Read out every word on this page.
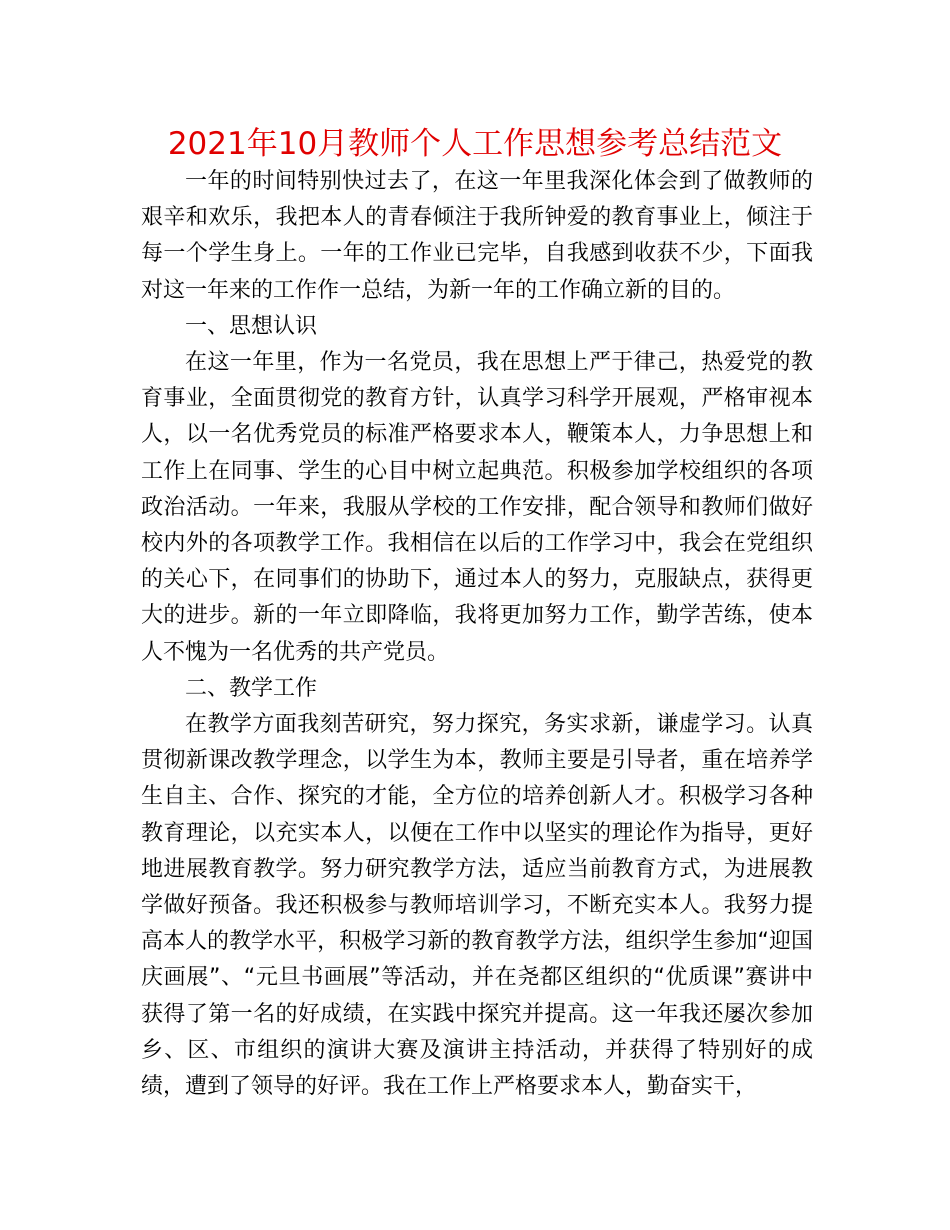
2021年10月教师个人工作思想参考总结范文

一年的时间特别快过去了，在这一年里我深化体会到了做教师的艰辛和欢乐，我把本人的青春倾注于我所钟爱的教育事业上，倾注于每一个学生身上。一年的工作业已完毕，自我感到收获不少，下面我对这一年来的工作作一总结，为新一年的工作确立新的目的。

一、思想认识

在这一年里，作为一名党员，我在思想上严于律己，热爱党的教育事业，全面贯彻党的教育方针，认真学习科学开展观，严格审视本人，以一名优秀党员的标准严格要求本人，鞭策本人，力争思想上和工作上在同事、学生的心目中树立起典范。积极参加学校组织的各项政治活动。一年来，我服从学校的工作安排，配合领导和教师们做好校内外的各项教学工作。我相信在以后的工作学习中，我会在党组织的关心下，在同事们的协助下，通过本人的努力，克服缺点，获得更大的进步。新的一年立即降临，我将更加努力工作，勤学苦练，使本人不愧为一名优秀的共产党员。

二、教学工作

在教学方面我刻苦研究，努力探究，务实求新，谦虚学习。认真贯彻新课改教学理念，以学生为本，教师主要是引导者，重在培养学生自主、合作、探究的才能，全方位的培养创新人才。积极学习各种教育理论，以充实本人，以便在工作中以坚实的理论作为指导，更好地进展教育教学。努力研究教学方法，适应当前教育方式，为进展教学做好预备。我还积极参与教师培训学习，不断充实本人。我努力提高本人的教学水平，积极学习新的教育教学方法，组织学生参加“迎国庆画展”、“元旦书画展”等活动，并在尧都区组织的“优质课”赛讲中获得了第一名的好成绩，在实践中探究并提高。这一年我还屡次参加乡、区、市组织的演讲大赛及演讲主持活动，并获得了特别好的成绩，遭到了领导的好评。我在工作上严格要求本人，勤奋实干，
